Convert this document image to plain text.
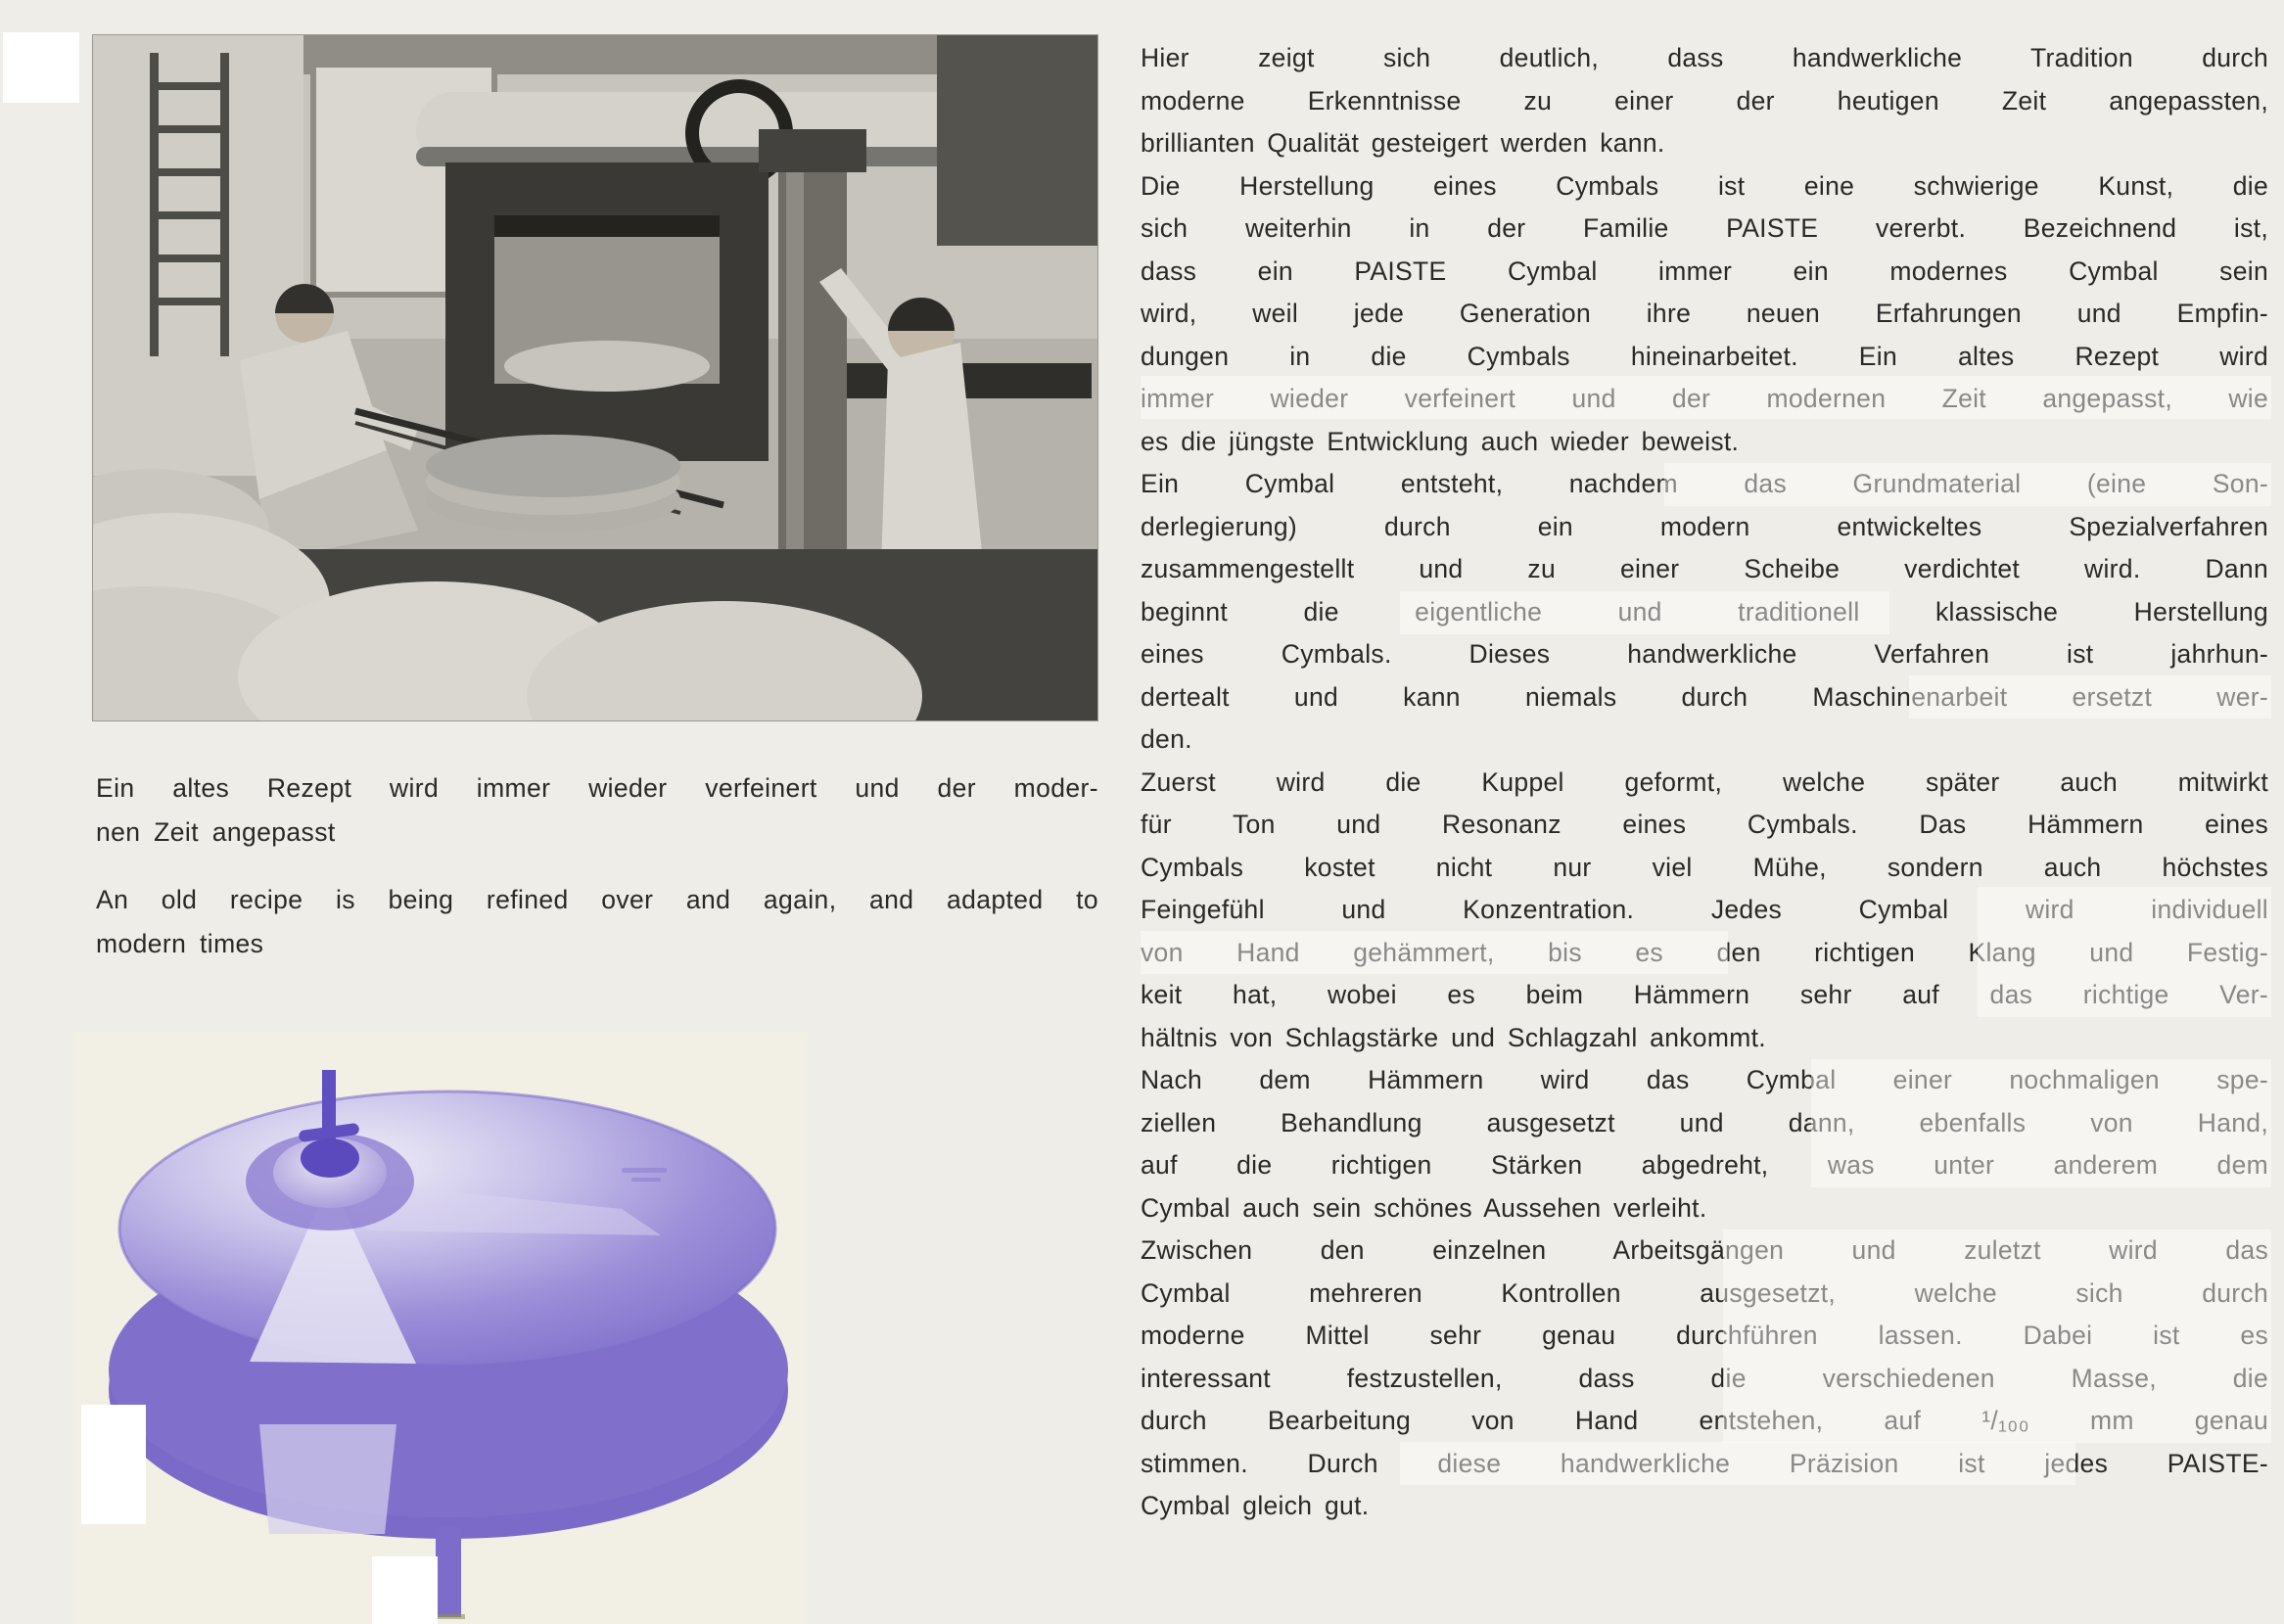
Ein altes Rezept wird immer wieder verfeinert und der moder-
nen Zeit angepasst
An old recipe is being refined over and again, and adapted to
modern times
Hier zeigt sich deutlich, dass handwerkliche Tradition durch
moderne Erkenntnisse zu einer der heutigen Zeit angepassten,
brillianten Qualität gesteigert werden kann.
Die Herstellung eines Cymbals ist eine schwierige Kunst, die
sich weiterhin in der Familie PAISTE vererbt. Bezeichnend ist,
dass ein PAISTE Cymbal immer ein modernes Cymbal sein
wird, weil jede Generation ihre neuen Erfahrungen und Empfin-
dungen in die Cymbals hineinarbeitet. Ein altes Rezept wird
immer wieder verfeinert und der modernen Zeit angepasst, wie
es die jüngste Entwicklung auch wieder beweist.
Ein Cymbal entsteht, nachdem das Grundmaterial (eine Son-
derlegierung) durch ein modern entwickeltes Spezialverfahren
zusammengestellt und zu einer Scheibe verdichtet wird. Dann
beginnt die eigentliche und traditionell klassische Herstellung
eines Cymbals. Dieses handwerkliche Verfahren ist jahrhun-
dertealt und kann niemals durch Maschinenarbeit ersetzt wer-
den.
Zuerst wird die Kuppel geformt, welche später auch mitwirkt
für Ton und Resonanz eines Cymbals. Das Hämmern eines
Cymbals kostet nicht nur viel Mühe, sondern auch höchstes
Feingefühl und Konzentration. Jedes Cymbal wird individuell
von Hand gehämmert, bis es den richtigen Klang und Festig-
keit hat, wobei es beim Hämmern sehr auf das richtige Ver-
hältnis von Schlagstärke und Schlagzahl ankommt.
Nach dem Hämmern wird das Cymbal einer nochmaligen spe-
ziellen Behandlung ausgesetzt und dann, ebenfalls von Hand,
auf die richtigen Stärken abgedreht, was unter anderem dem
Cymbal auch sein schönes Aussehen verleiht.
Zwischen den einzelnen Arbeitsgängen und zuletzt wird das
Cymbal mehreren Kontrollen ausgesetzt, welche sich durch
moderne Mittel sehr genau durchführen lassen. Dabei ist es
interessant festzustellen, dass die verschiedenen Masse, die
durch Bearbeitung von Hand entstehen, auf ¹/₁₀₀ mm genau
stimmen. Durch diese handwerkliche Präzision ist jedes PAISTE-
Cymbal gleich gut.
